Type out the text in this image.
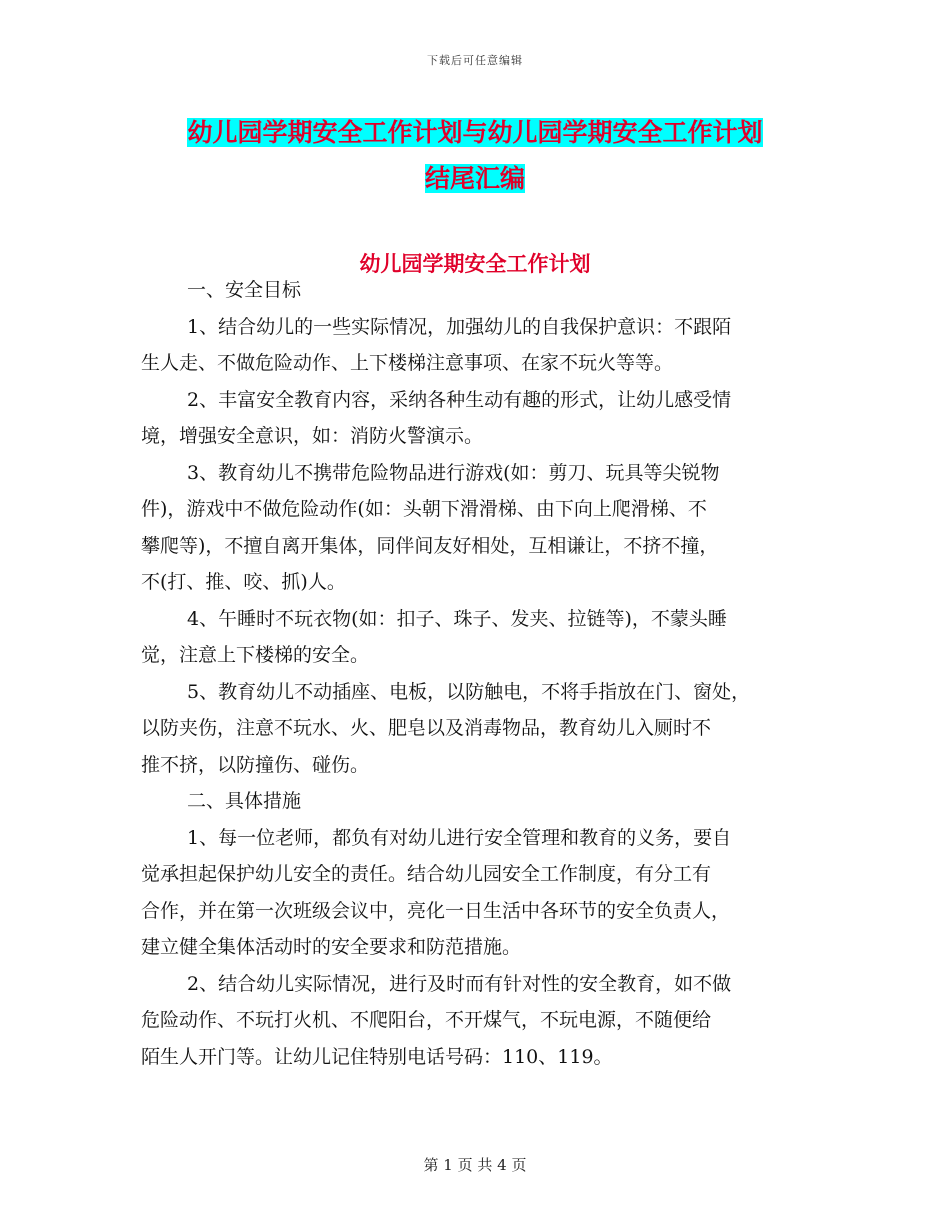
下载后可任意编辑
幼儿园学期安全工作计划与幼儿园学期安全工作计划
结尾汇编
幼儿园学期安全工作计划
一、安全目标
1、结合幼儿的一些实际情况，加强幼儿的自我保护意识：不跟陌
生人走、不做危险动作、上下楼梯注意事项、在家不玩火等等。
2、丰富安全教育内容，采纳各种生动有趣的形式，让幼儿感受情
境，增强安全意识，如：消防火警演示。
3、教育幼儿不携带危险物品进行游戏(如：剪刀、玩具等尖锐物
件)，游戏中不做危险动作(如：头朝下滑滑梯、由下向上爬滑梯、不
攀爬等)，不擅自离开集体，同伴间友好相处，互相谦让，不挤不撞，
不(打、推、咬、抓)人。
4、午睡时不玩衣物(如：扣子、珠子、发夹、拉链等)，不蒙头睡
觉，注意上下楼梯的安全。
5、教育幼儿不动插座、电板，以防触电，不将手指放在门、窗处，
以防夹伤，注意不玩水、火、肥皂以及消毒物品，教育幼儿入厕时不
推不挤，以防撞伤、碰伤。
二、具体措施
1、每一位老师，都负有对幼儿进行安全管理和教育的义务，要自
觉承担起保护幼儿安全的责任。结合幼儿园安全工作制度，有分工有
合作，并在第一次班级会议中，亮化一日生活中各环节的安全负责人，
建立健全集体活动时的安全要求和防范措施。
2、结合幼儿实际情况，进行及时而有针对性的安全教育，如不做
危险动作、不玩打火机、不爬阳台，不开煤气，不玩电源，不随便给
陌生人开门等。让幼儿记住特别电话号码：110、119。
第 1 页 共 4 页
